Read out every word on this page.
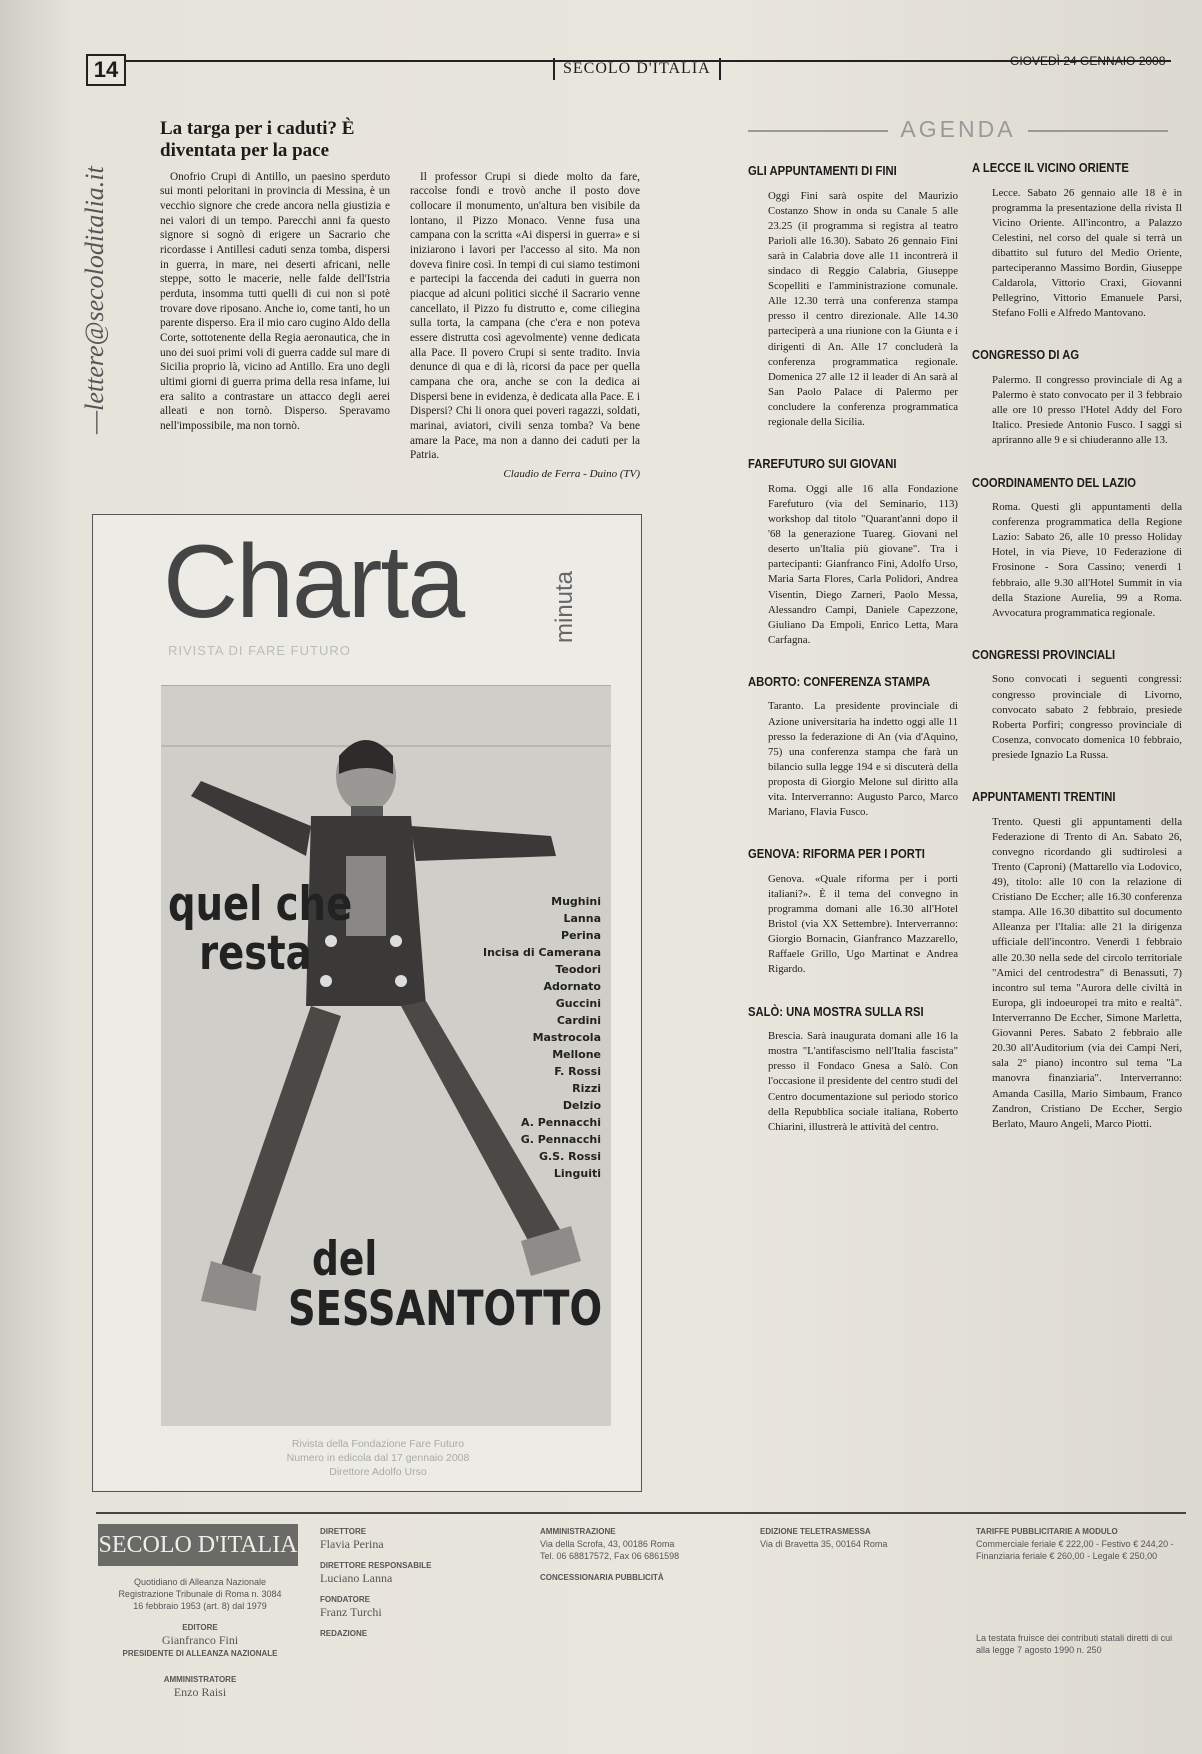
14	SECOLO D'ITALIA	GIOVEDÌ 24 GENNAIO 2008
—lettere@secoloditalia.it
La targa per i caduti? È diventata per la pace

Onofrio Crupi di Antillo, un paesino sperduto sui monti peloritani in provincia di Messina, è un vecchio signore che crede ancora nella giustizia e nei valori di un tempo. Parecchi anni fa questo signore si sognò di erigere un Sacrario che ricordasse i Antillesi caduti senza tomba, dispersi in guerra, in mare, nei deserti africani, nelle steppe, sotto le macerie, nelle falde dell'Istria perduta, insomma tutti quelli di cui non si potè trovare dove riposano. Anche io, come tanti, ho un parente disperso. Era il mio caro cugino Aldo della Corte, sottotenente della Regia aeronautica, che in uno dei suoi primi voli di guerra cadde sul mare di Sicilia proprio là, vicino ad Antillo. Era uno degli ultimi giorni di guerra prima della resa infame, lui era salito a contrastare un attacco degli aerei alleati e non tornò. Disperso. Speravamo nell'impossibile, ma non tornò.

Il professor Crupi si diede molto da fare, raccolse fondi e trovò anche il posto dove collocare il monumento, un'altura ben visibile da lontano, il Pizzo Monaco. Venne fusa una campana con la scritta «Ai dispersi in guerra» e si iniziarono i lavori per l'accesso al sito. Ma non doveva finire così. In tempi di cui siamo testimoni e partecipi la faccenda dei caduti in guerra non piacque ad alcuni politici sicché il Sacrario venne cancellato, il Pizzo fu distrutto e, come ciliegina sulla torta, la campana (che c'era e non poteva essere distrutta così agevolmente) venne dedicata alla Pace. Il povero Crupi si sente tradito. Invia denunce di qua e di là, ricorsi da pace per quella campana che ora, anche se con la dedica ai Dispersi bene in evidenza, è dedicata alla Pace. E i Dispersi? Chi li onora quei poveri ragazzi, soldati, marinai, aviatori, civili senza tomba? Va bene amare la Pace, ma non a danno dei caduti per la Patria.

Claudio de Ferra - Duino (TV)
Charta	minuta
RIVISTA DI FARE FUTURO
quel che
resta
del
SESSANTOTTO
Mughini
Lanna
Perina
Incisa di Camerana
Teodori
Adornato
Guccini
Cardini
Mastrocola
Mellone
F. Rossi
Rizzi
Delzio
A. Pennacchi
G. Pennacchi
G.S. Rossi
Linguiti
Rivista della Fondazione Fare Futuro
Numero in edicola dal 17 gennaio 2008
Direttore Adolfo Urso
AGENDA
GLI APPUNTAMENTI DI FINI
Oggi Fini sarà ospite del Maurizio Costanzo Show in onda su Canale 5 alle 23.25 (il programma si registra al teatro Parioli alle 16.30). Sabato 26 gennaio Fini sarà in Calabria dove alle 11 incontrerà il sindaco di Reggio Calabria, Giuseppe Scopelliti e l'amministrazione comunale. Alle 12.30 terrà una conferenza stampa presso il centro direzionale. Alle 14.30 parteciperà a una riunione con la Giunta e i dirigenti di An. Alle 17 concluderà la conferenza programmatica regionale. Domenica 27 alle 12 il leader di An sarà al San Paolo Palace di Palermo per concludere la conferenza programmatica regionale della Sicilia.
FAREFUTURO SUI GIOVANI
Roma. Oggi alle 16 alla Fondazione Farefuturo (via del Seminario, 113) workshop dal titolo "Quarant'anni dopo il '68 la generazione Tuareg. Giovani nel deserto un'Italia più giovane". Tra i partecipanti: Gianfranco Fini, Adolfo Urso, Maria Sarta Flores, Carla Polidori, Andrea Visentin, Diego Zarneri, Paolo Messa, Alessandro Campi, Daniele Capezzone, Giuliano Da Empoli, Enrico Letta, Mara Carfagna.
ABORTO: CONFERENZA STAMPA
Taranto. La presidente provinciale di Azione universitaria ha indetto oggi alle 11 presso la federazione di An (via d'Aquino, 75) una conferenza stampa che farà un bilancio sulla legge 194 e si discuterà della proposta di Giorgio Melone sul diritto alla vita. Interverranno: Augusto Parco, Marco Mariano, Flavia Fusco.
GENOVA: RIFORMA PER I PORTI
Genova. «Quale riforma per i porti italiani?». È il tema del convegno in programma domani alle 16.30 all'Hotel Bristol (via XX Settembre). Interverranno: Giorgio Bornacin, Gianfranco Mazzarello, Raffaele Grillo, Ugo Martinat e Andrea Rigardo.
SALÒ: UNA MOSTRA SULLA RSI
Brescia. Sarà inaugurata domani alle 16 la mostra "L'antifascismo nell'Italia fascista" presso il Fondaco Gnesa a Salò. Con l'occasione il presidente del centro studi del Centro documentazione sul periodo storico della Repubblica sociale italiana, Roberto Chiarini, illustrerà le attività del centro.
A LECCE IL VICINO ORIENTE
Lecce. Sabato 26 gennaio alle 18 è in programma la presentazione della rivista Il Vicino Oriente. All'incontro, a Palazzo Celestini, nel corso del quale si terrà un dibattito sul futuro del Medio Oriente, parteciperanno Massimo Bordin, Giuseppe Caldarola, Vittorio Craxi, Giovanni Pellegrino, Vittorio Emanuele Parsi, Stefano Folli e Alfredo Mantovano.
CONGRESSO DI AG
Palermo. Il congresso provinciale di Ag a Palermo è stato convocato per il 3 febbraio alle ore 10 presso l'Hotel Addy del Foro Italico. Presiede Antonio Fusco. I saggi si apriranno alle 9 e si chiuderanno alle 13.
COORDINAMENTO DEL LAZIO
Roma. Questi gli appuntamenti della conferenza programmatica della Regione Lazio: Sabato 26, alle 10 presso Holiday Hotel, in via Pieve, 10 Federazione di Frosinone - Sora Cassino; venerdì 1 febbraio, alle 9.30 all'Hotel Summit in via della Stazione Aurelia, 99 a Roma. Avvocatura programmatica regionale.
CONGRESSI PROVINCIALI
Sono convocati i seguenti congressi: congresso provinciale di Livorno, convocato sabato 2 febbraio, presiede Roberta Porfiri; congresso provinciale di Cosenza, convocato domenica 10 febbraio, presiede Ignazio La Russa.
APPUNTAMENTI TRENTINI
Trento. Questi gli appuntamenti della Federazione di Trento di An. Sabato 26, convegno ricordando gli sudtirolesi a Trento (Caproni) (Mattarello via Lodovico, 49), titolo: alle 10 con la relazione di Cristiano De Eccher; alle 16.30 conferenza stampa. Alle 16.30 dibattito sul documento Alleanza per l'Italia: alle 21 la dirigenza ufficiale dell'incontro. Venerdì 1 febbraio alle 20.30 nella sede del circolo territoriale "Amici del centrodestra" di Benassuti, 7) incontro sul tema "Aurora delle civiltà in Europa, gli indoeuropei tra mito e realtà". Interverranno De Eccher, Simone Marletta, Giovanni Peres. Sabato 2 febbraio alle 20.30 all'Auditorium (via dei Campi Neri, sala 2° piano) incontro sul tema "La manovra finanziaria". Interverranno: Amanda Casilla, Mario Simbaum, Franco Zandron, Cristiano De Eccher, Sergio Berlato, Mauro Angeli, Marco Piotti.
SECOLO D'ITALIA
Quotidiano di Alleanza Nazionale
Registrazione Tribunale di Roma n. 3084
16 febbraio 1953 (art. 8) dal 1979
EDITORE
Gianfranco Fini
PRESIDENTE DI ALLEANZA NAZIONALE
AMMINISTRATORE
Enzo Raisi
DIRETTORE
Flavia Perina
DIRETTORE RESPONSABILE
Luciano Lanna
FONDATORE
Franz Turchi
REDAZIONE
AMMINISTRAZIONE
Via della Scrofa, 43, 00186 Roma
Tel. 06 68817572, Fax 06 6861598
CONCESSIONARIA PUBBLICITÀ
EDIZIONE TELETRASMESSA
Via di Bravetta 35, 00164 Roma
TARIFFE PUBBLICITARIE A MODULO
Commerciale feriale € 222,00 - Festivo € 244,20 - Finanziaria feriale € 260,00 - Legale € 250,00
La testata fruisce dei contributi statali diretti di cui alla legge 7 agosto 1990 n. 250
